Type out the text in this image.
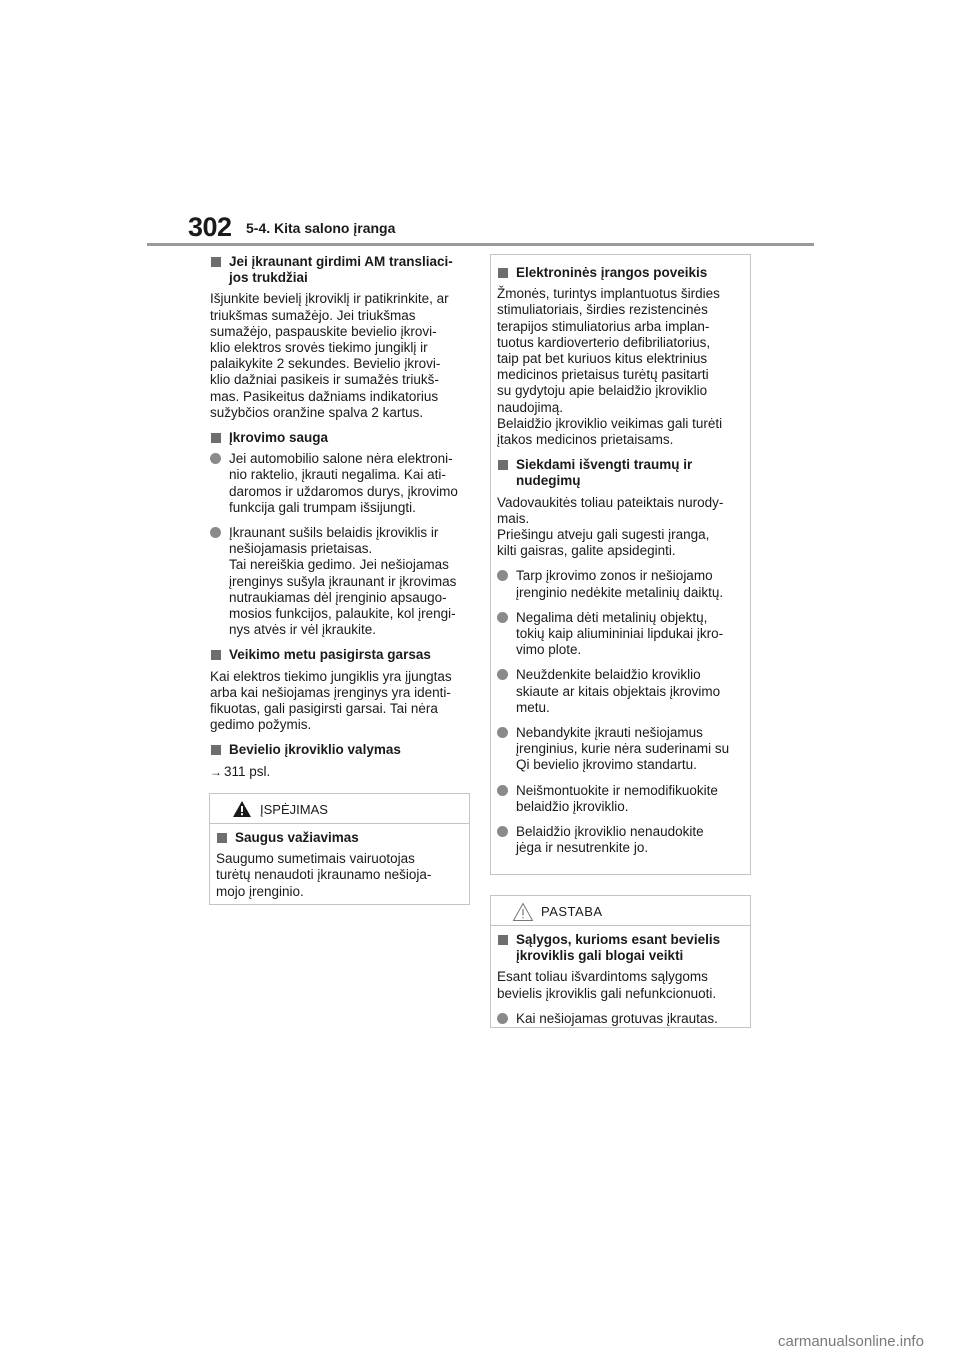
302 5-4. Kita salono įranga
Jei įkraunant girdimi AM transliaci-
jos trukdžiai
Išjunkite bevielį įkroviklį ir patikrinkite, ar
triukšmas sumažėjo. Jei triukšmas
sumažėjo, paspauskite bevielio įkrovi-
klio elektros srovės tiekimo jungiklį ir
palaikykite 2 sekundes. Bevielio įkrovi-
klio dažniai pasikeis ir sumažės triukš-
mas. Pasikeitus dažniams indikatorius
sužybčios oranžine spalva 2 kartus.
Įkrovimo sauga
Jei automobilio salone nėra elektroni-
nio raktelio, įkrauti negalima. Kai ati-
daromos ir uždaromos durys, įkrovimo
funkcija gali trumpam išsijungti.
Įkraunant sušils belaidis įkroviklis ir
nešiojamasis prietaisas.
Tai nereiškia gedimo. Jei nešiojamas
įrenginys sušyla įkraunant ir įkrovimas
nutraukiamas dėl įrenginio apsaugo-
mosios funkcijos, palaukite, kol įrengi-
nys atvės ir vėl įkraukite.
Veikimo metu pasigirsta garsas
Kai elektros tiekimo jungiklis yra įjungtas
arba kai nešiojamas įrenginys yra identi-
fikuotas, gali pasigirsti garsai. Tai nėra
gedimo požymis.
Bevielio įkroviklio valymas
→ 311 psl.
ĮSPĖJIMAS
Saugus važiavimas
Saugumo sumetimais vairuotojas
turėtų nenaudoti įkraunamo nešioja-
mojo įrenginio.
Elektroninės įrangos poveikis
Žmonės, turintys implantuotus širdies
stimuliatoriais, širdies rezistencinės
terapijos stimuliatorius arba implan-
tuotus kardioverterio defibriliatorius,
taip pat bet kuriuos kitus elektrinius
medicinos prietaisus turėtų pasitarti
su gydytoju apie belaidžio įkroviklio
naudojimą.
Belaidžio įkroviklio veikimas gali turėti
įtakos medicinos prietaisams.
Siekdami išvengti traumų ir
nudegimų
Vadovaukitės toliau pateiktais nurody-
mais.
Priešingu atveju gali sugesti įranga,
kilti gaisras, galite apsideginti.
Tarp įkrovimo zonos ir nešiojamo
įrenginio nedėkite metalinių daiktų.
Negalima dėti metalinių objektų,
tokių kaip aliumininiai lipdukai įkro-
vimo plote.
Neuždenkite belaidžio kroviklio
skiaute ar kitais objektais įkrovimo
metu.
Nebandykite įkrauti nešiojamus
įrenginius, kurie nėra suderinami su
Qi bevielio įkrovimo standartu.
Neišmontuokite ir nemodifikuokite
belaidžio įkroviklio.
Belaidžio įkroviklio nenaudokite
jėga ir nesutrenkite jo.
PASTABA
Sąlygos, kurioms esant bevielis
įkroviklis gali blogai veikti
Esant toliau išvardintoms sąlygoms
bevielis įkroviklis gali nefunkcionuoti.
Kai nešiojamas grotuvas įkrautas.
carmanualsonline.info
